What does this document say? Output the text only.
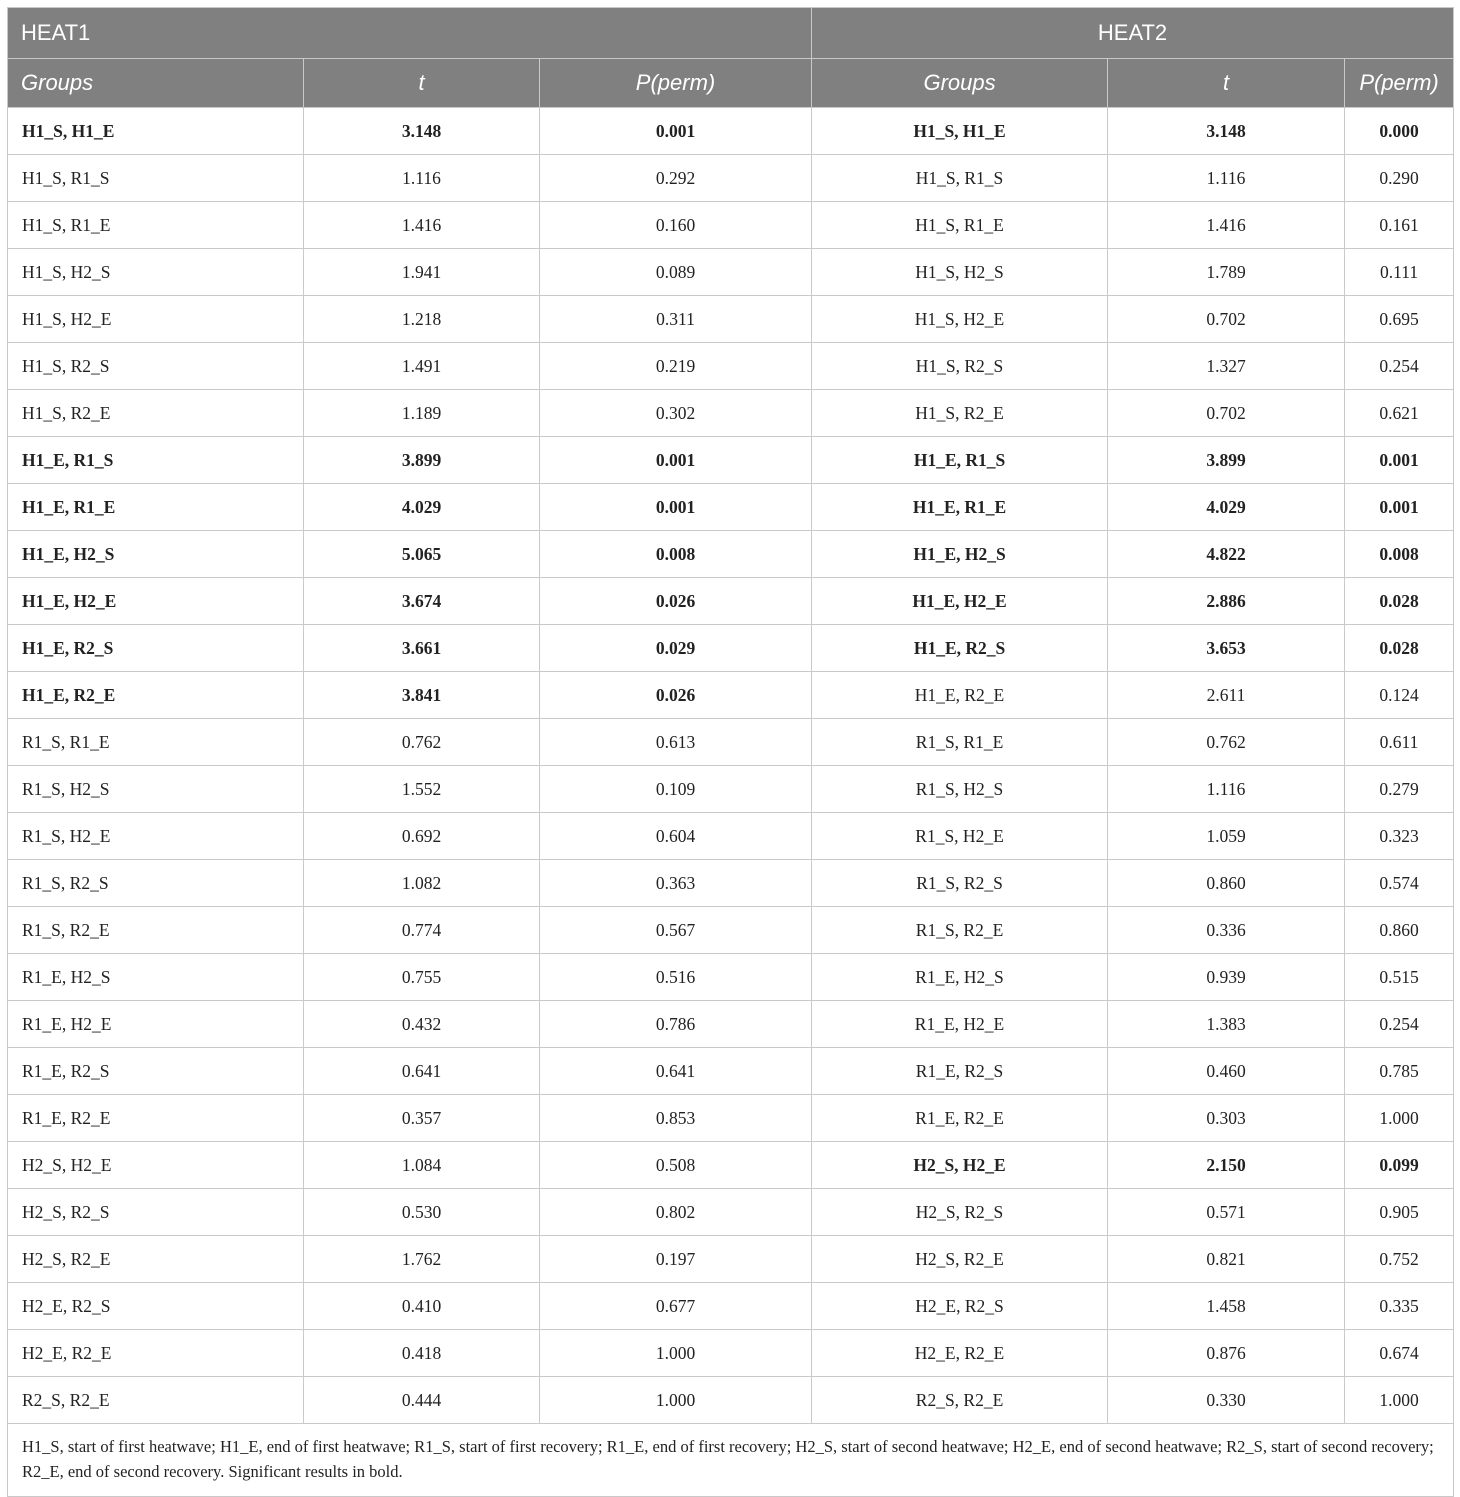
HEAT1			HEAT2		
Groups	t	P(perm)	Groups	t	P(perm)
H1_S, H1_E	3.148	0.001	H1_S, H1_E	3.148	0.000
H1_S, R1_S	1.116	0.292	H1_S, R1_S	1.116	0.290
H1_S, R1_E	1.416	0.160	H1_S, R1_E	1.416	0.161
H1_S, H2_S	1.941	0.089	H1_S, H2_S	1.789	0.111
H1_S, H2_E	1.218	0.311	H1_S, H2_E	0.702	0.695
H1_S, R2_S	1.491	0.219	H1_S, R2_S	1.327	0.254
H1_S, R2_E	1.189	0.302	H1_S, R2_E	0.702	0.621
H1_E, R1_S	3.899	0.001	H1_E, R1_S	3.899	0.001
H1_E, R1_E	4.029	0.001	H1_E, R1_E	4.029	0.001
H1_E, H2_S	5.065	0.008	H1_E, H2_S	4.822	0.008
H1_E, H2_E	3.674	0.026	H1_E, H2_E	2.886	0.028
H1_E, R2_S	3.661	0.029	H1_E, R2_S	3.653	0.028
H1_E, R2_E	3.841	0.026	H1_E, R2_E	2.611	0.124
R1_S, R1_E	0.762	0.613	R1_S, R1_E	0.762	0.611
R1_S, H2_S	1.552	0.109	R1_S, H2_S	1.116	0.279
R1_S, H2_E	0.692	0.604	R1_S, H2_E	1.059	0.323
R1_S, R2_S	1.082	0.363	R1_S, R2_S	0.860	0.574
R1_S, R2_E	0.774	0.567	R1_S, R2_E	0.336	0.860
R1_E, H2_S	0.755	0.516	R1_E, H2_S	0.939	0.515
R1_E, H2_E	0.432	0.786	R1_E, H2_E	1.383	0.254
R1_E, R2_S	0.641	0.641	R1_E, R2_S	0.460	0.785
R1_E, R2_E	0.357	0.853	R1_E, R2_E	0.303	1.000
H2_S, H2_E	1.084	0.508	H2_S, H2_E	2.150	0.099
H2_S, R2_S	0.530	0.802	H2_S, R2_S	0.571	0.905
H2_S, R2_E	1.762	0.197	H2_S, R2_E	0.821	0.752
H2_E, R2_S	0.410	0.677	H2_E, R2_S	1.458	0.335
H2_E, R2_E	0.418	1.000	H2_E, R2_E	0.876	0.674
R2_S, R2_E	0.444	1.000	R2_S, R2_E	0.330	1.000
H1_S, start of first heatwave; H1_E, end of first heatwave; R1_S, start of first recovery; R1_E, end of first recovery; H2_S, start of second heatwave; H2_E, end of second heatwave; R2_S, start of second recovery; R2_E, end of second recovery. Significant results in bold.					
